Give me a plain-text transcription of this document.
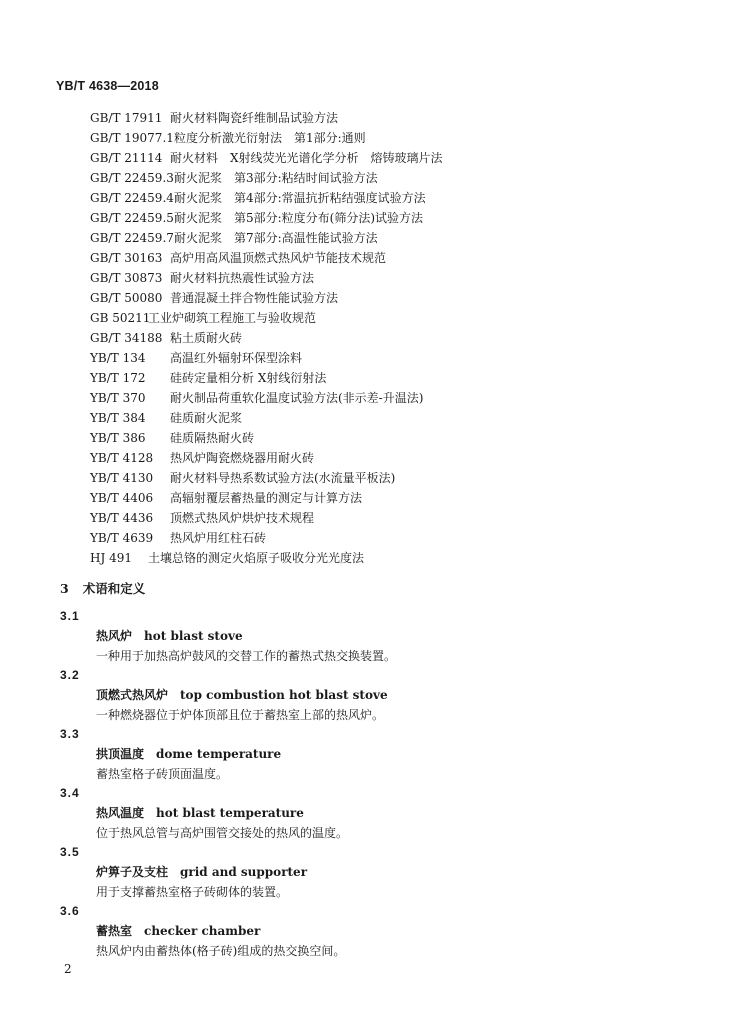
YB/T 4638—2018
GB/T 17911 耐火材料陶瓷纤维制品试验方法
GB/T 19077.1粒度分析激光衍射法　第1部分:通则
GB/T 21114 耐火材料　X射线荧光光谱化学分析　熔铸玻璃片法
GB/T 22459.3耐火泥浆　第3部分:粘结时间试验方法
GB/T 22459.4耐火泥浆　第4部分:常温抗折粘结强度试验方法
GB/T 22459.5耐火泥浆　第5部分:粒度分布(筛分法)试验方法
GB/T 22459.7耐火泥浆　第7部分:高温性能试验方法
GB/T 30163 高炉用高风温顶燃式热风炉节能技术规范
GB/T 30873 耐火材料抗热震性试验方法
GB/T 50080 普通混凝土拌合物性能试验方法
GB 50211工业炉砌筑工程施工与验收规范
GB/T 34188 粘土质耐火砖
YB/T 134 高温红外辐射环保型涂料
YB/T 172 硅砖定量相分析 X射线衍射法
YB/T 370 耐火制品荷重软化温度试验方法(非示差-升温法)
YB/T 384 硅质耐火泥浆
YB/T 386 硅质隔热耐火砖
YB/T 4128 热风炉陶瓷燃烧器用耐火砖
YB/T 4130 耐火材料导热系数试验方法(水流量平板法)
YB/T 4406 高辐射覆层蓄热量的测定与计算方法
YB/T 4436 顶燃式热风炉烘炉技术规程
YB/T 4639 热风炉用红柱石砖
HJ 491 土壤总铬的测定火焰原子吸收分光光度法
3 术语和定义
3.1
热风炉 hot blast stove
一种用于加热高炉鼓风的交替工作的蓄热式热交换装置。
3.2
顶燃式热风炉 top combustion hot blast stove
一种燃烧器位于炉体顶部且位于蓄热室上部的热风炉。
3.3
拱顶温度 dome temperature
蓄热室格子砖顶面温度。
3.4
热风温度 hot blast temperature
位于热风总管与高炉围管交接处的热风的温度。
3.5
炉箅子及支柱 grid and supporter
用于支撑蓄热室格子砖砌体的装置。
3.6
蓄热室 checker chamber
热风炉内由蓄热体(格子砖)组成的热交换空间。
2
